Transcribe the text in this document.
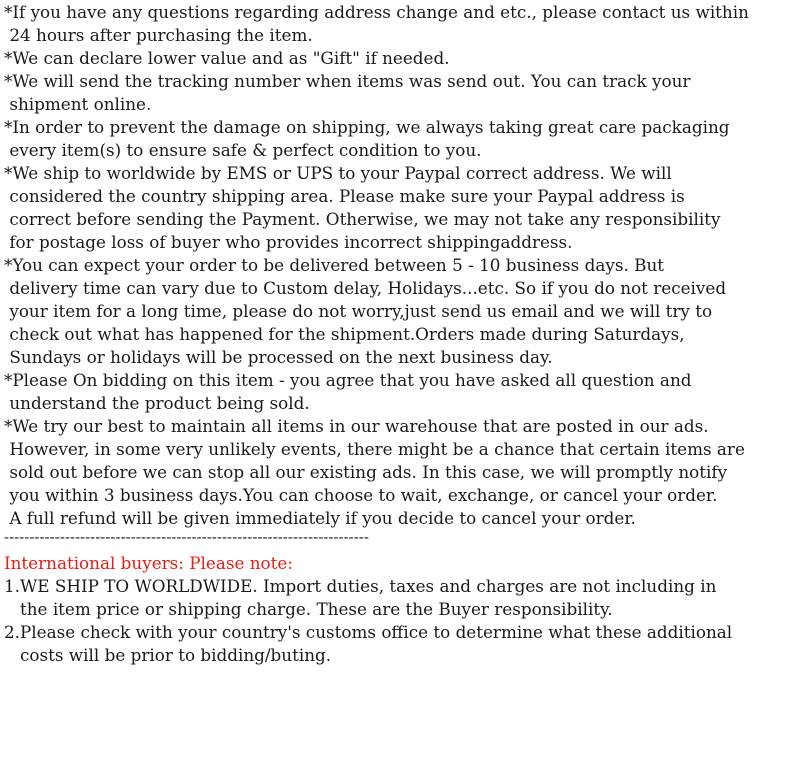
*If you have any questions regarding address change and etc., please contact us within
24 hours after purchasing the item.
*We can declare lower value and as "Gift" if needed.
*We will send the tracking number when items was send out. You can track your
shipment online.
*In order to prevent the damage on shipping, we always taking great care packaging
every item(s) to ensure safe & perfect condition to you.
*We ship to worldwide by EMS or UPS to your Paypal correct address. We will
considered the country shipping area. Please make sure your Paypal address is
correct before sending the Payment. Otherwise, we may not take any responsibility
for postage loss of buyer who provides incorrect shippingaddress.
*You can expect your order to be delivered between 5 - 10 business days. But
delivery time can vary due to Custom delay, Holidays...etc. So if you do not received
your item for a long time, please do not worry,just send us email and we will try to
check out what has happened for the shipment.Orders made during Saturdays,
Sundays or holidays will be processed on the next business day.
*Please On bidding on this item - you agree that you have asked all question and
understand the product being sold.
*We try our best to maintain all items in our warehouse that are posted in our ads.
However, in some very unlikely events, there might be a chance that certain items are
sold out before we can stop all our existing ads. In this case, we will promptly notify
you within 3 business days.You can choose to wait, exchange, or cancel your order.
A full refund will be given immediately if you decide to cancel your order.
------------------------------------------------------------------------
International buyers: Please note:
1.WE SHIP TO WORLDWIDE. Import duties, taxes and charges are not including in
the item price or shipping charge. These are the Buyer responsibility.
2.Please check with your country's customs office to determine what these additional
costs will be prior to bidding/buting.
